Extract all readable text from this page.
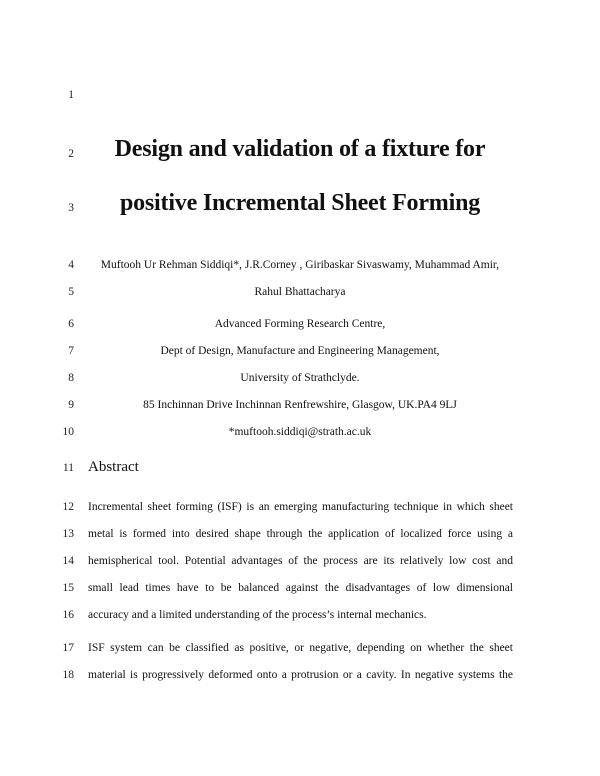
1
2
3
4
5
6
7
8
9
10
11
12
13
14
15
16
17
18
Design and validation of a fixture for
positive Incremental Sheet Forming
Muftooh Ur Rehman Siddiqi*, J.R.Corney , Giribaskar Sivaswamy, Muhammad Amir,
Rahul Bhattacharya
Advanced Forming Research Centre,
Dept of Design, Manufacture and Engineering Management,
University of Strathclyde.
85 Inchinnan Drive Inchinnan Renfrewshire, Glasgow, UK.PA4 9LJ
*muftooh.siddiqi@strath.ac.uk
Abstract
Incremental sheet forming (ISF) is an emerging manufacturing technique in which sheet
metal is formed into desired shape through the application of localized force using a
hemispherical tool. Potential advantages of the process are its relatively low cost and
small lead times have to be balanced against the disadvantages of low dimensional
accuracy and a limited understanding of the process’s internal mechanics.
ISF system can be classified as positive, or negative, depending on whether the sheet
material is progressively deformed onto a protrusion or a cavity. In negative systems the
